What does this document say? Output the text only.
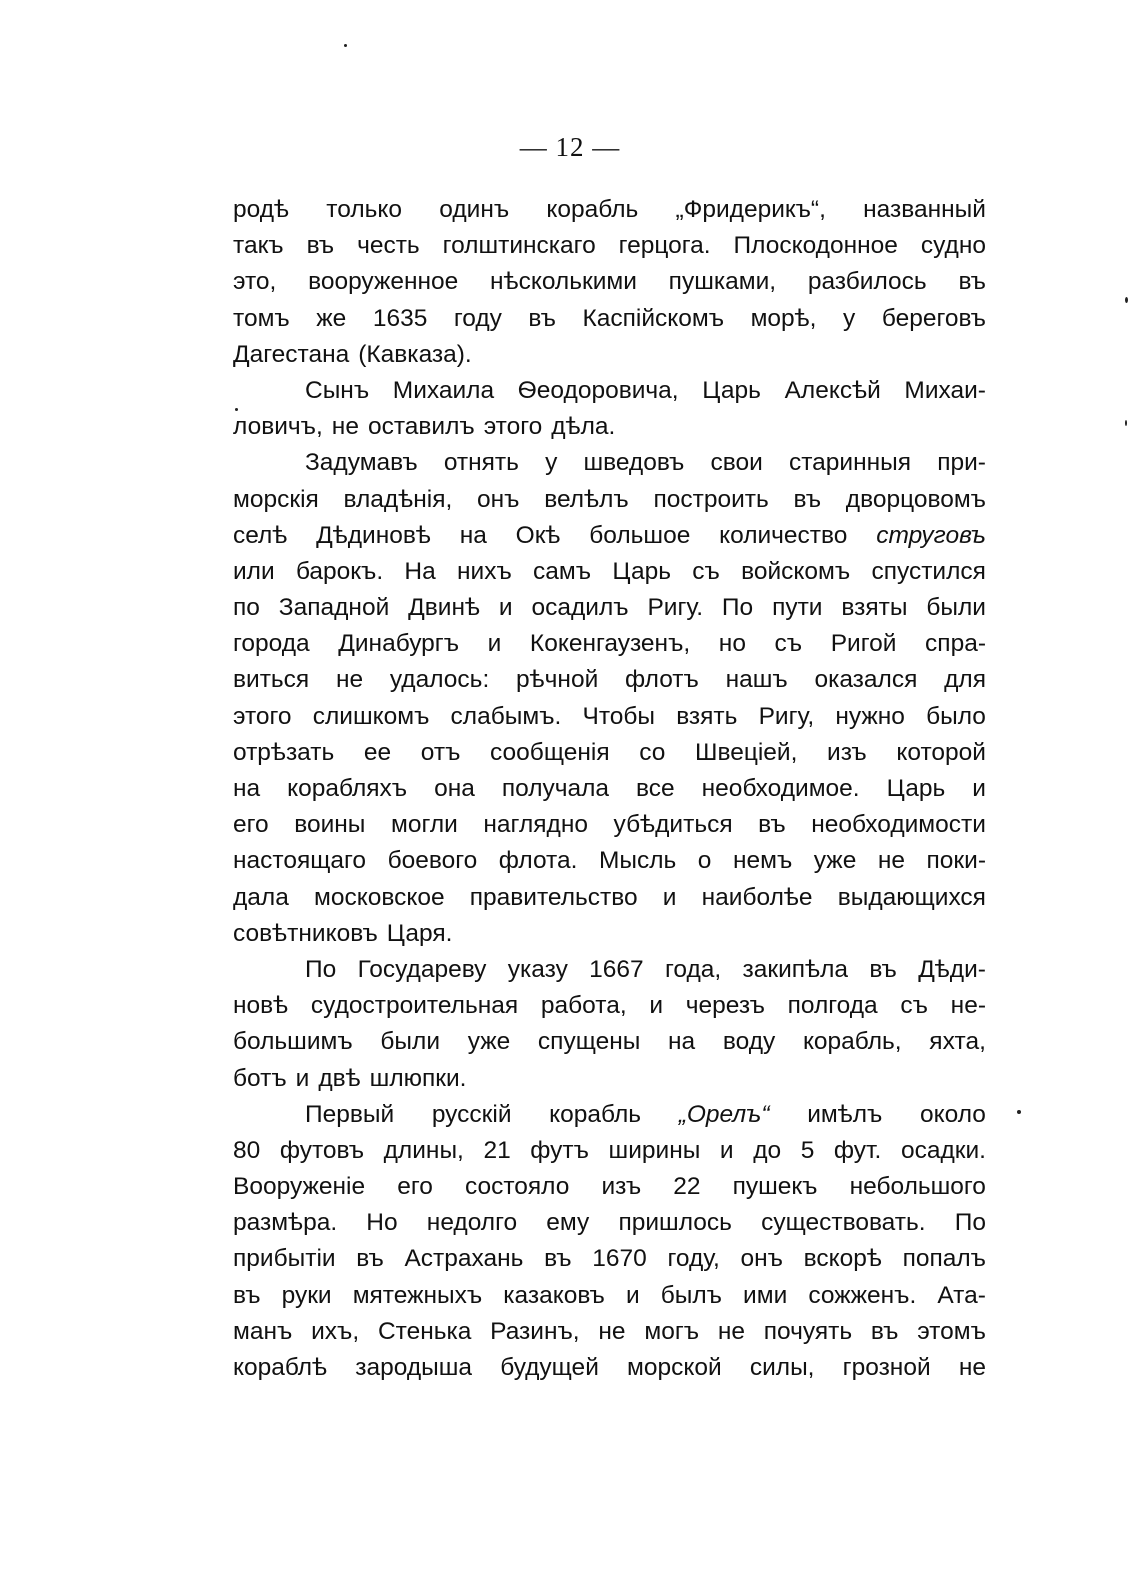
— 12 —
родѣ только одинъ корабль „Фридерикъ“, названный
такъ въ честь голштинскаго герцога. Плоскодонное судно
это, вооруженное нѣсколькими пушками, разбилось въ
томъ же 1635 году въ Каспійскомъ морѣ, у береговъ
Дагестана (Кавказа).
Сынъ Михаила Ѳеодоровича, Царь Алексѣй Михаи-
ловичъ, не оставилъ этого дѣла.
Задумавъ отнять у шведовъ свои старинныя при-
морскія владѣнія, онъ велѣлъ построить въ дворцовомъ
селѣ Дѣдиновѣ на Окѣ большое количество струговъ
или барокъ. На нихъ самъ Царь съ войскомъ спустился
по Западной Двинѣ и осадилъ Ригу. По пути взяты были
города Динабургъ и Кокенгаузенъ, но съ Ригой спра-
виться не удалось: рѣчной флотъ нашъ оказался для
этого слишкомъ слабымъ. Чтобы взять Ригу, нужно было
отрѣзать ее отъ сообщенія со Швеціей, изъ которой
на корабляхъ она получала все необходимое. Царь и
его воины могли наглядно убѣдиться въ необходимости
настоящаго боевого флота. Мысль о немъ уже не поки-
дала московское правительство и наиболѣе выдающихся
совѣтниковъ Царя.
По Государеву указу 1667 года, закипѣла въ Дѣди-
новѣ судостроительная работа, и черезъ полгода съ не-
большимъ были уже спущены на воду корабль, яхта,
ботъ и двѣ шлюпки.
Первый русскій корабль „Орелъ“ имѣлъ около
80 футовъ длины, 21 футъ ширины и до 5 фут. осадки.
Вооруженіе его состояло изъ 22 пушекъ небольшого
размѣра. Но недолго ему пришлось существовать. По
прибытіи въ Астрахань въ 1670 году, онъ вскорѣ попалъ
въ руки мятежныхъ казаковъ и былъ ими сожженъ. Ата-
манъ ихъ, Стенька Разинъ, не могъ не почуять въ этомъ
кораблѣ зародыша будущей морской силы, грозной не
